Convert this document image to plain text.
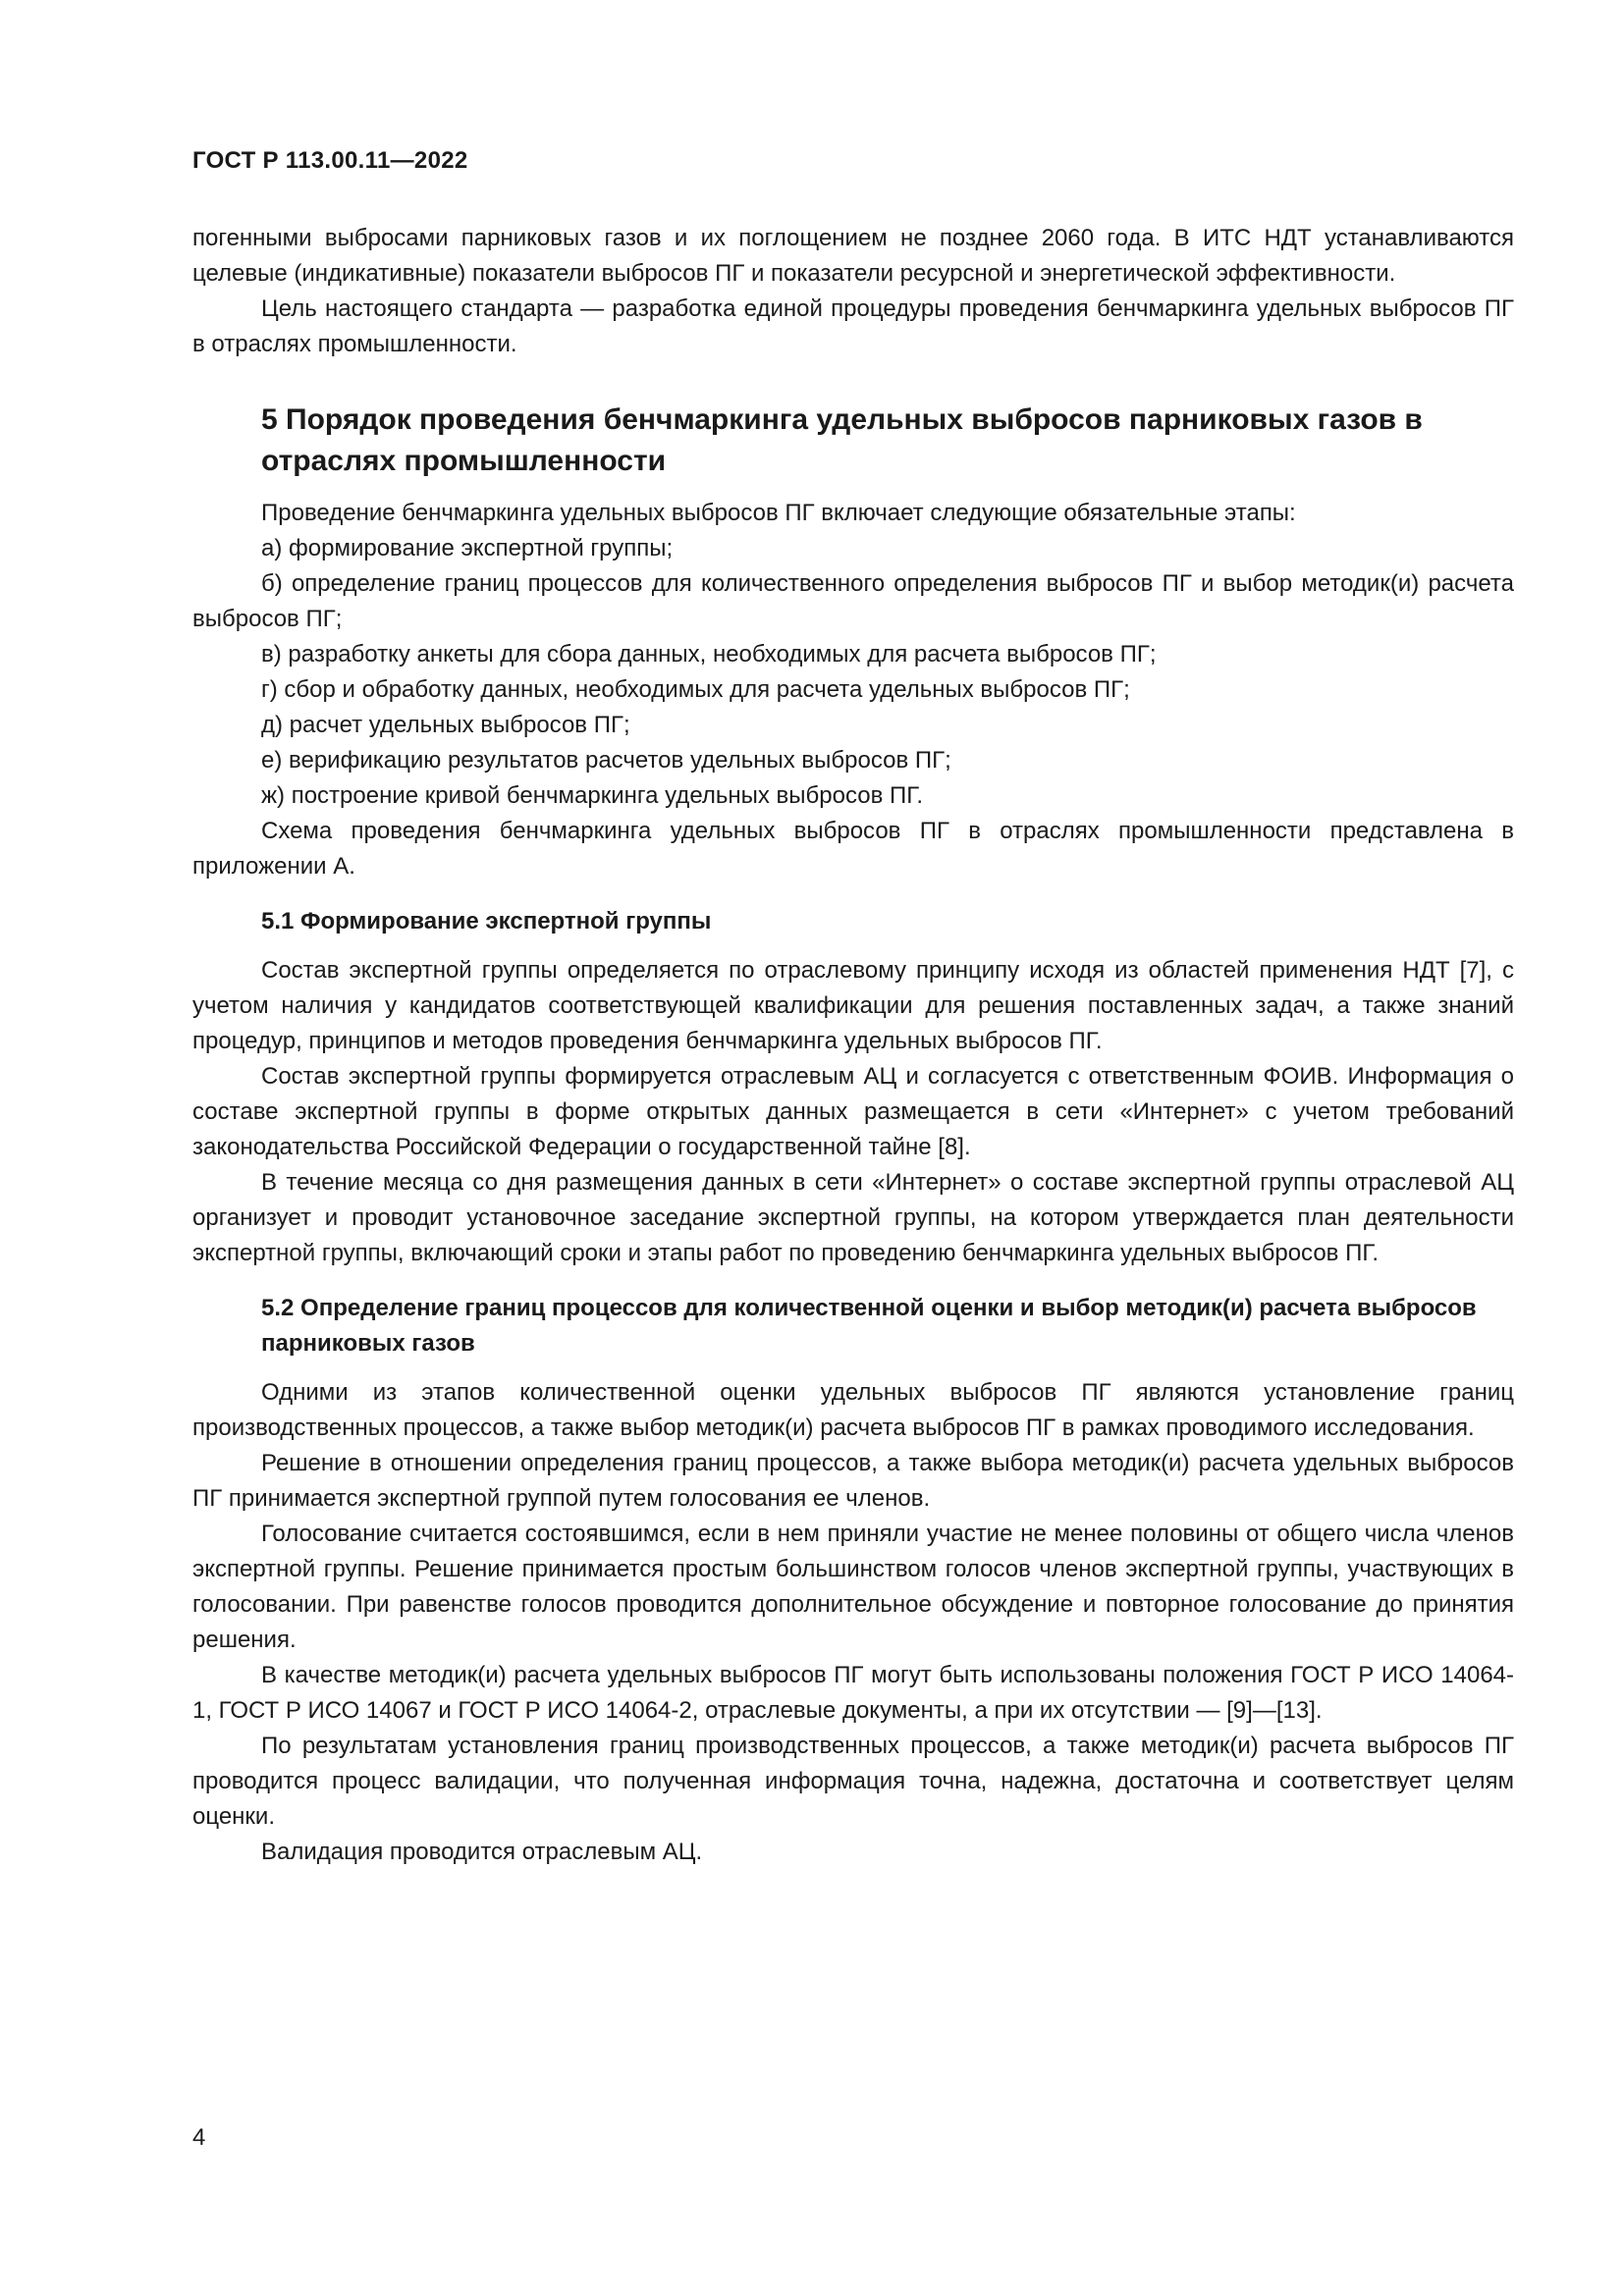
ГОСТ Р 113.00.11—2022

погенными выбросами парниковых газов и их поглощением не позднее 2060 года. В ИТС НДТ устанавливаются целевые (индикативные) показатели выбросов ПГ и показатели ресурсной и энергетической эффективности.

Цель настоящего стандарта — разработка единой процедуры проведения бенчмаркинга удельных выбросов ПГ в отраслях промышленности.

5 Порядок проведения бенчмаркинга удельных выбросов парниковых газов в отраслях промышленности

Проведение бенчмаркинга удельных выбросов ПГ включает следующие обязательные этапы:

а) формирование экспертной группы;

б) определение границ процессов для количественного определения выбросов ПГ и выбор методик(и) расчета выбросов ПГ;

в) разработку анкеты для сбора данных, необходимых для расчета выбросов ПГ;

г) сбор и обработку данных, необходимых для расчета удельных выбросов ПГ;

д) расчет удельных выбросов ПГ;

е) верификацию результатов расчетов удельных выбросов ПГ;

ж) построение кривой бенчмаркинга удельных выбросов ПГ.

Схема проведения бенчмаркинга удельных выбросов ПГ в отраслях промышленности представлена в приложении А.

5.1 Формирование экспертной группы

Состав экспертной группы определяется по отраслевому принципу исходя из областей применения НДТ [7], с учетом наличия у кандидатов соответствующей квалификации для решения поставленных задач, а также знаний процедур, принципов и методов проведения бенчмаркинга удельных выбросов ПГ.

Состав экспертной группы формируется отраслевым АЦ и согласуется с ответственным ФОИВ. Информация о составе экспертной группы в форме открытых данных размещается в сети «Интернет» с учетом требований законодательства Российской Федерации о государственной тайне [8].

В течение месяца со дня размещения данных в сети «Интернет» о составе экспертной группы отраслевой АЦ организует и проводит установочное заседание экспертной группы, на котором утверждается план деятельности экспертной группы, включающий сроки и этапы работ по проведению бенчмаркинга удельных выбросов ПГ.

5.2 Определение границ процессов для количественной оценки и выбор методик(и) расчета выбросов парниковых газов

Одними из этапов количественной оценки удельных выбросов ПГ являются установление границ производственных процессов, а также выбор методик(и) расчета выбросов ПГ в рамках проводимого исследования.

Решение в отношении определения границ процессов, а также выбора методик(и) расчета удельных выбросов ПГ принимается экспертной группой путем голосования ее членов.

Голосование считается состоявшимся, если в нем приняли участие не менее половины от общего числа членов экспертной группы. Решение принимается простым большинством голосов членов экспертной группы, участвующих в голосовании. При равенстве голосов проводится дополнительное обсуждение и повторное голосование до принятия решения.

В качестве методик(и) расчета удельных выбросов ПГ могут быть использованы положения ГОСТ Р ИСО 14064-1, ГОСТ Р ИСО 14067 и ГОСТ Р ИСО 14064-2, отраслевые документы, а при их отсутствии — [9]—[13].

По результатам установления границ производственных процессов, а также методик(и) расчета выбросов ПГ проводится процесс валидации, что полученная информация точна, надежна, достаточна и соответствует целям оценки.

Валидация проводится отраслевым АЦ.

4
